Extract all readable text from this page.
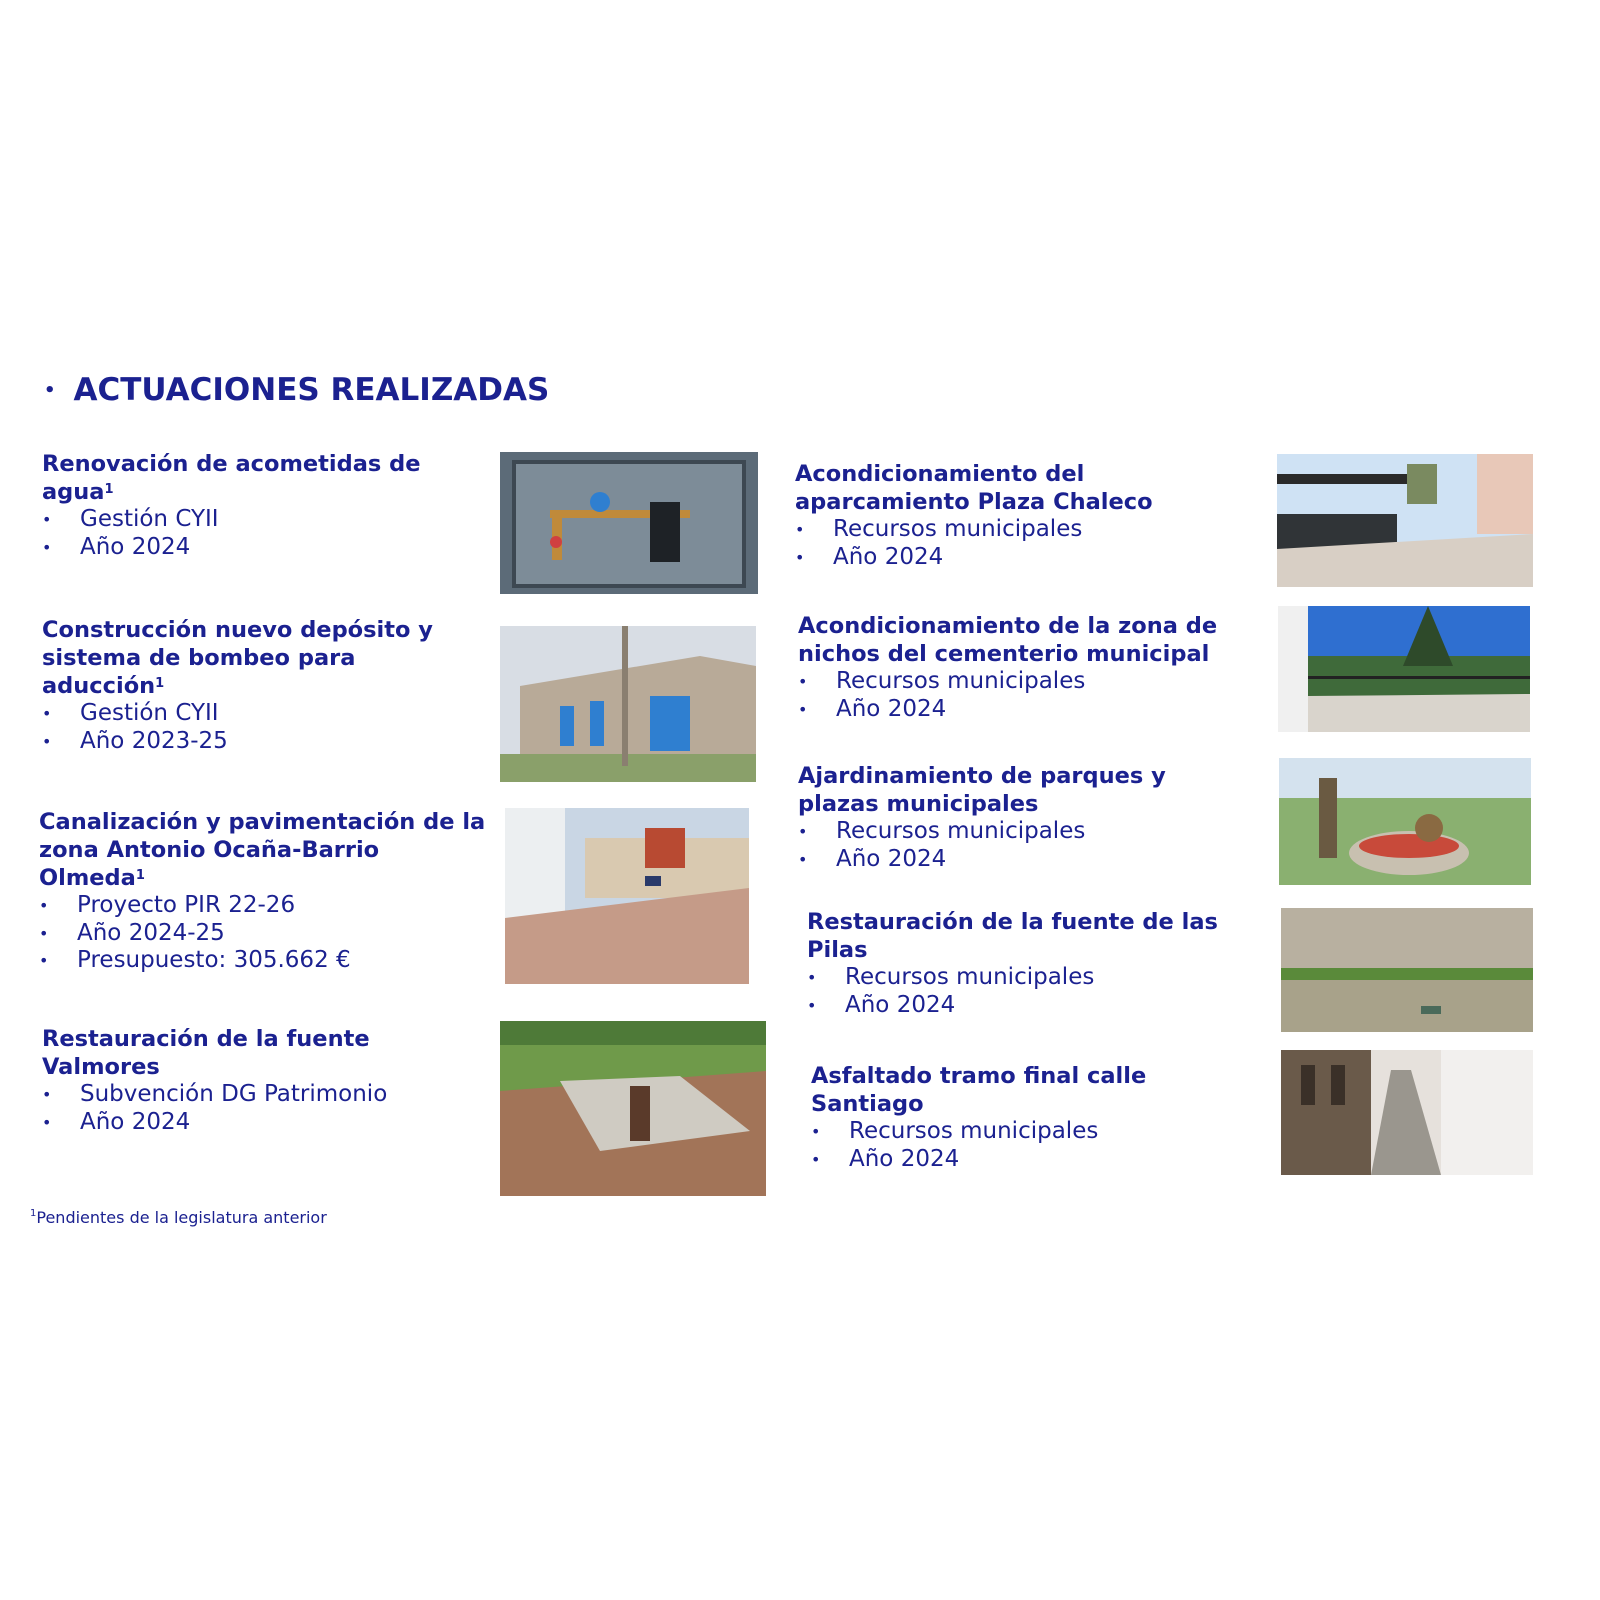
• ACTUACIONES REALIZADAS

Renovación de acometidas de agua$^1$

•	Gestión CYII
•	Año 2024

Construcción nuevo depósito y sistema de bombeo para aducción$^1$

•	Gestión CYII
•	Año 2023-25

Canalización y pavimentación de la zona Antonio Ocaña-Barrio Olmeda$^1$

•	Proyecto PIR 22-26
•	Año 2024-25
•	Presupuesto: 305.662 €

Restauración de la fuente Valmores

•	Subvención DG Patrimonio
•	Año 2024

Acondicionamiento del aparcamiento Plaza Chaleco

•	Recursos municipales
•	Año 2024

Acondicionamiento de la zona de nichos del cementerio municipal

•	Recursos municipales
•	Año 2024

Ajardinamiento de parques y plazas municipales

•	Recursos municipales
•	Año 2024

Restauración de la fuente de las Pilas

•	Recursos municipales
•	Año 2024

Asfaltado tramo final calle Santiago

•	Recursos municipales
•	Año 2024
$^1$Pendientes de la legislatura anterior
